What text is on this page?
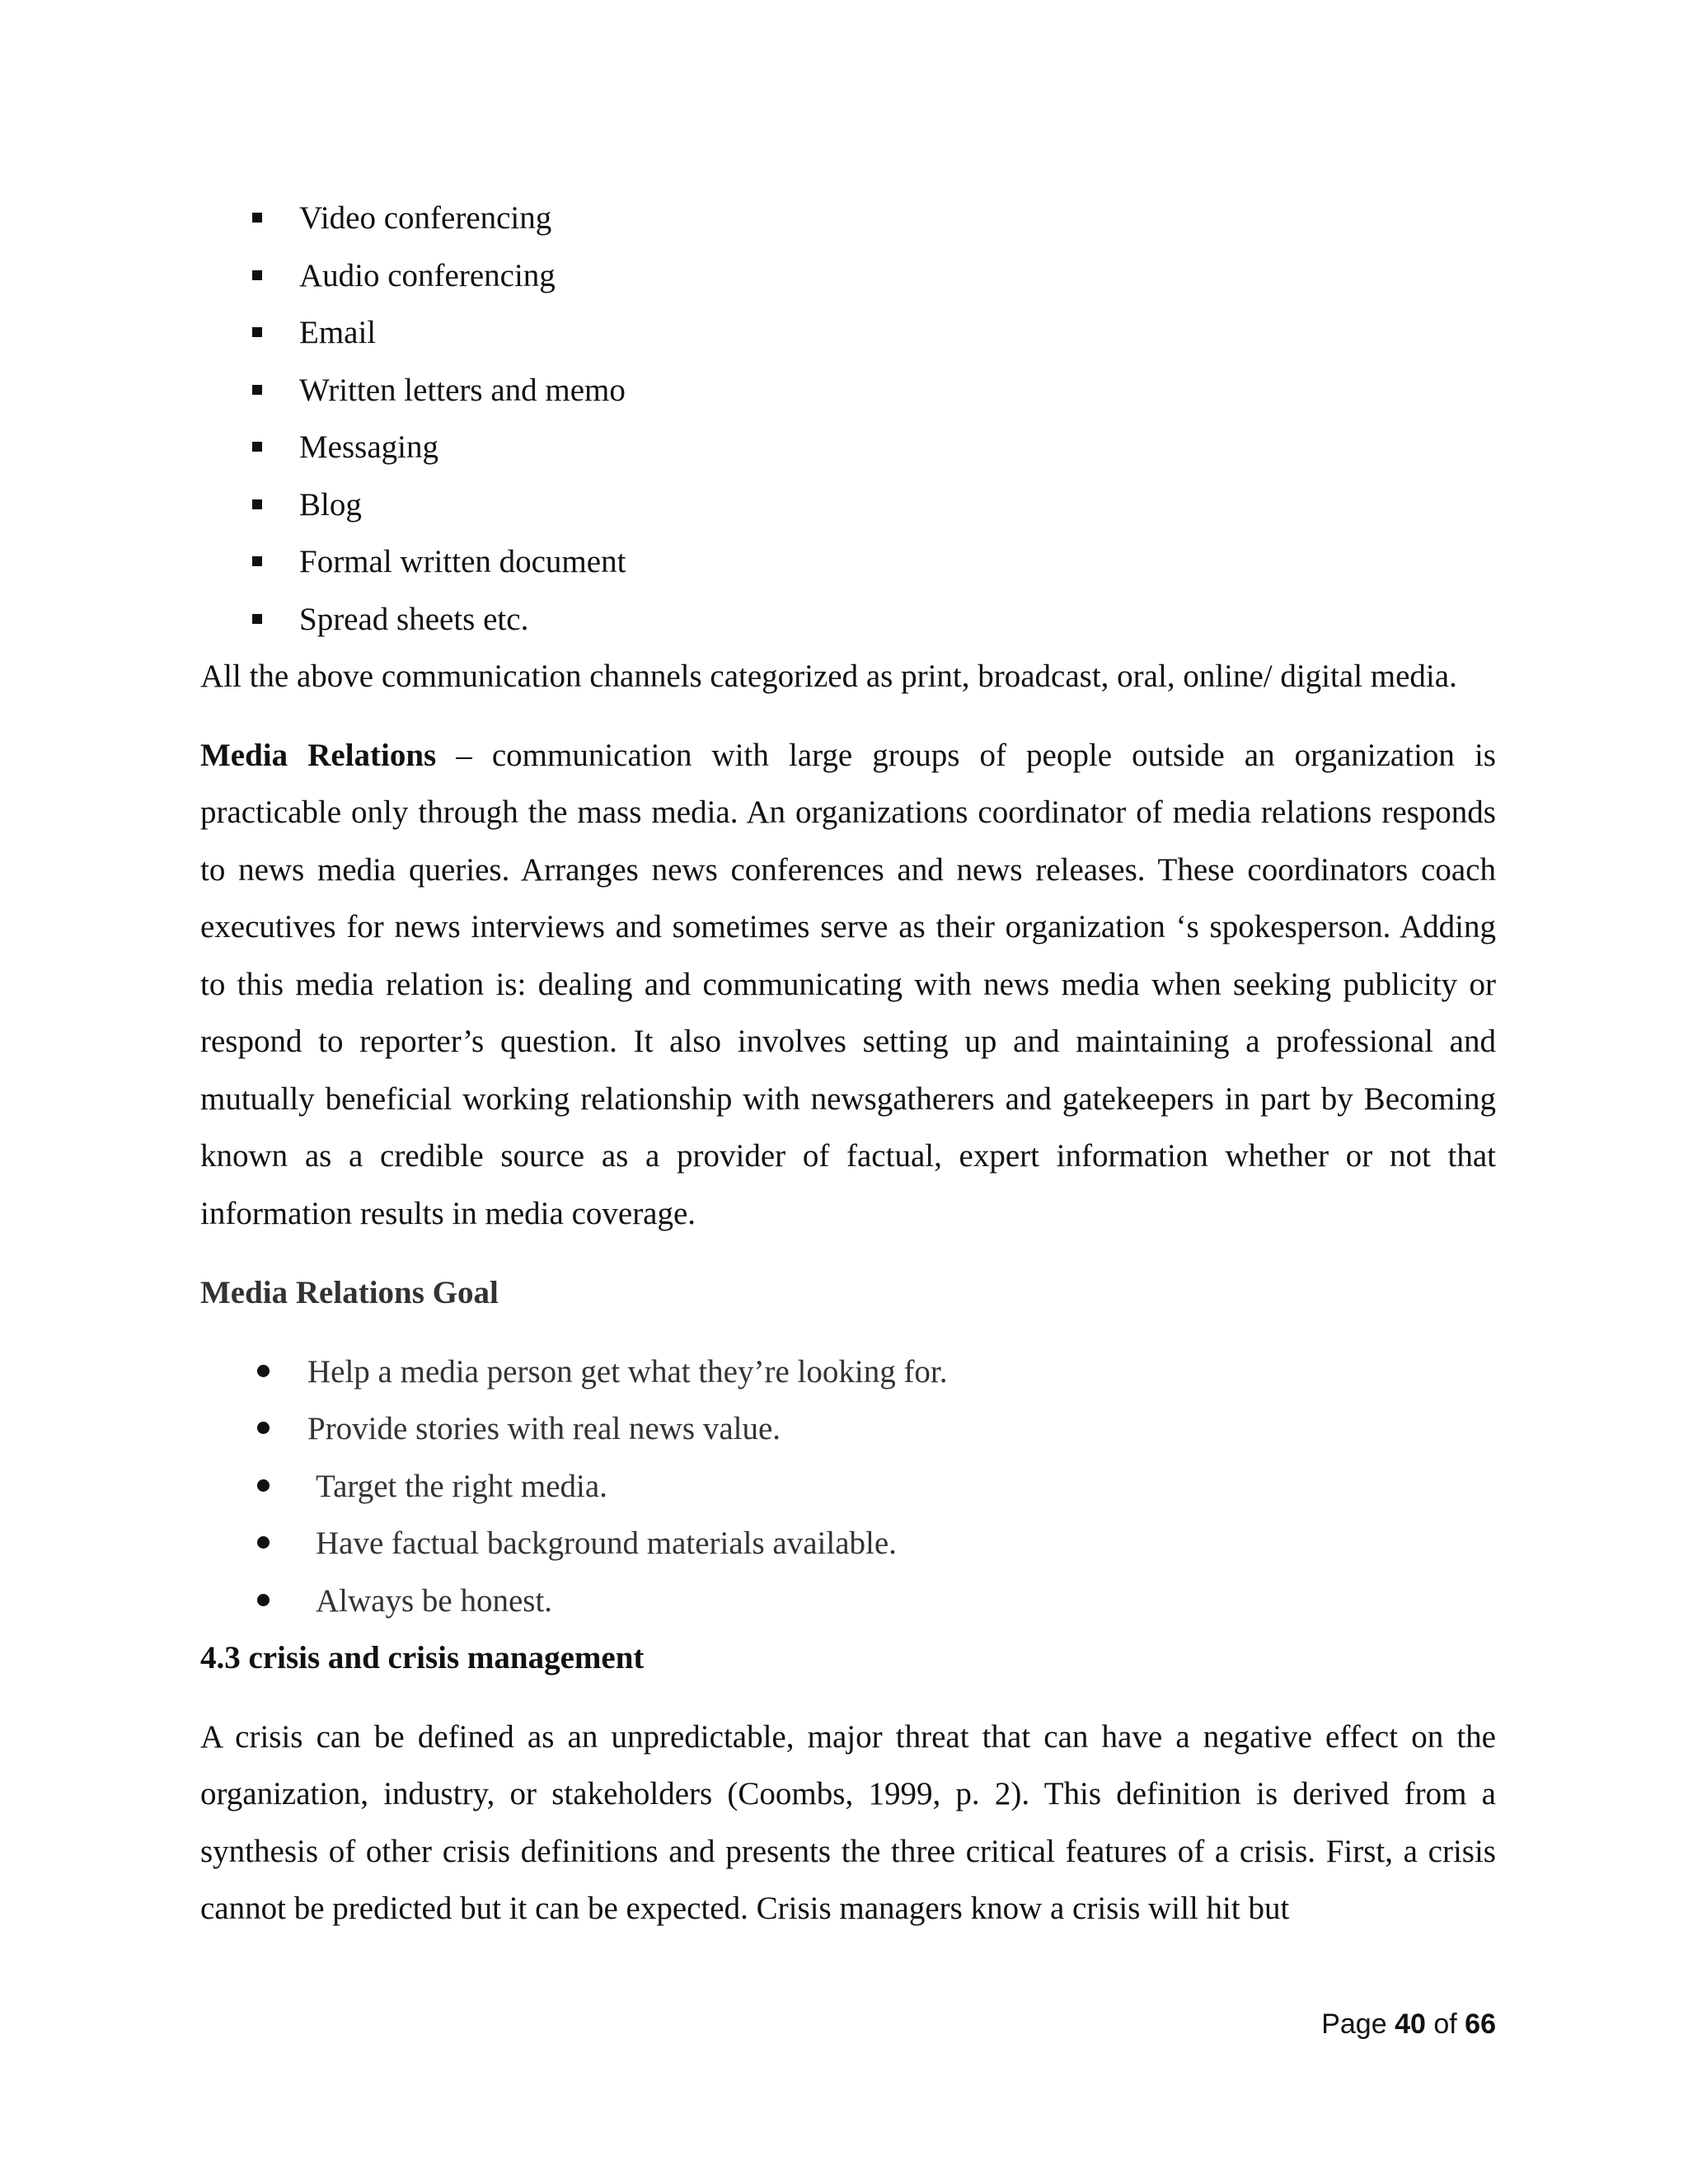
Video conferencing
Audio conferencing
Email
Written letters and memo
Messaging
Blog
Formal written document
Spread sheets etc.

All the above communication channels categorized as print, broadcast, oral, online/ digital media.

Media Relations – communication with large groups of people outside an organization is practicable only through the mass media. An organizations coordinator of media relations responds to news media queries. Arranges news conferences and news releases. These coordinators coach executives for news interviews and sometimes serve as their organization ‘s spokesperson. Adding to this media relation is: dealing and communicating with news media when seeking publicity or respond to reporter’s question. It also involves setting up and maintaining a professional and mutually beneficial working relationship with newsgatherers and gatekeepers in part by Becoming known as a credible source as a provider of factual, expert information whether or not that information results in media coverage.

Media Relations Goal
Help a media person get what they’re looking for.
Provide stories with real news value.
Target the right media.
Have factual background materials available.
Always be honest.
4.3 crisis and crisis management

A crisis can be defined as an unpredictable, major threat that can have a negative effect on the organization, industry, or stakeholders (Coombs, 1999, p. 2). This definition is derived from a synthesis of other crisis definitions and presents the three critical features of a crisis. First, a crisis cannot be predicted but it can be expected. Crisis managers know a crisis will hit but

Page 40 of 66
